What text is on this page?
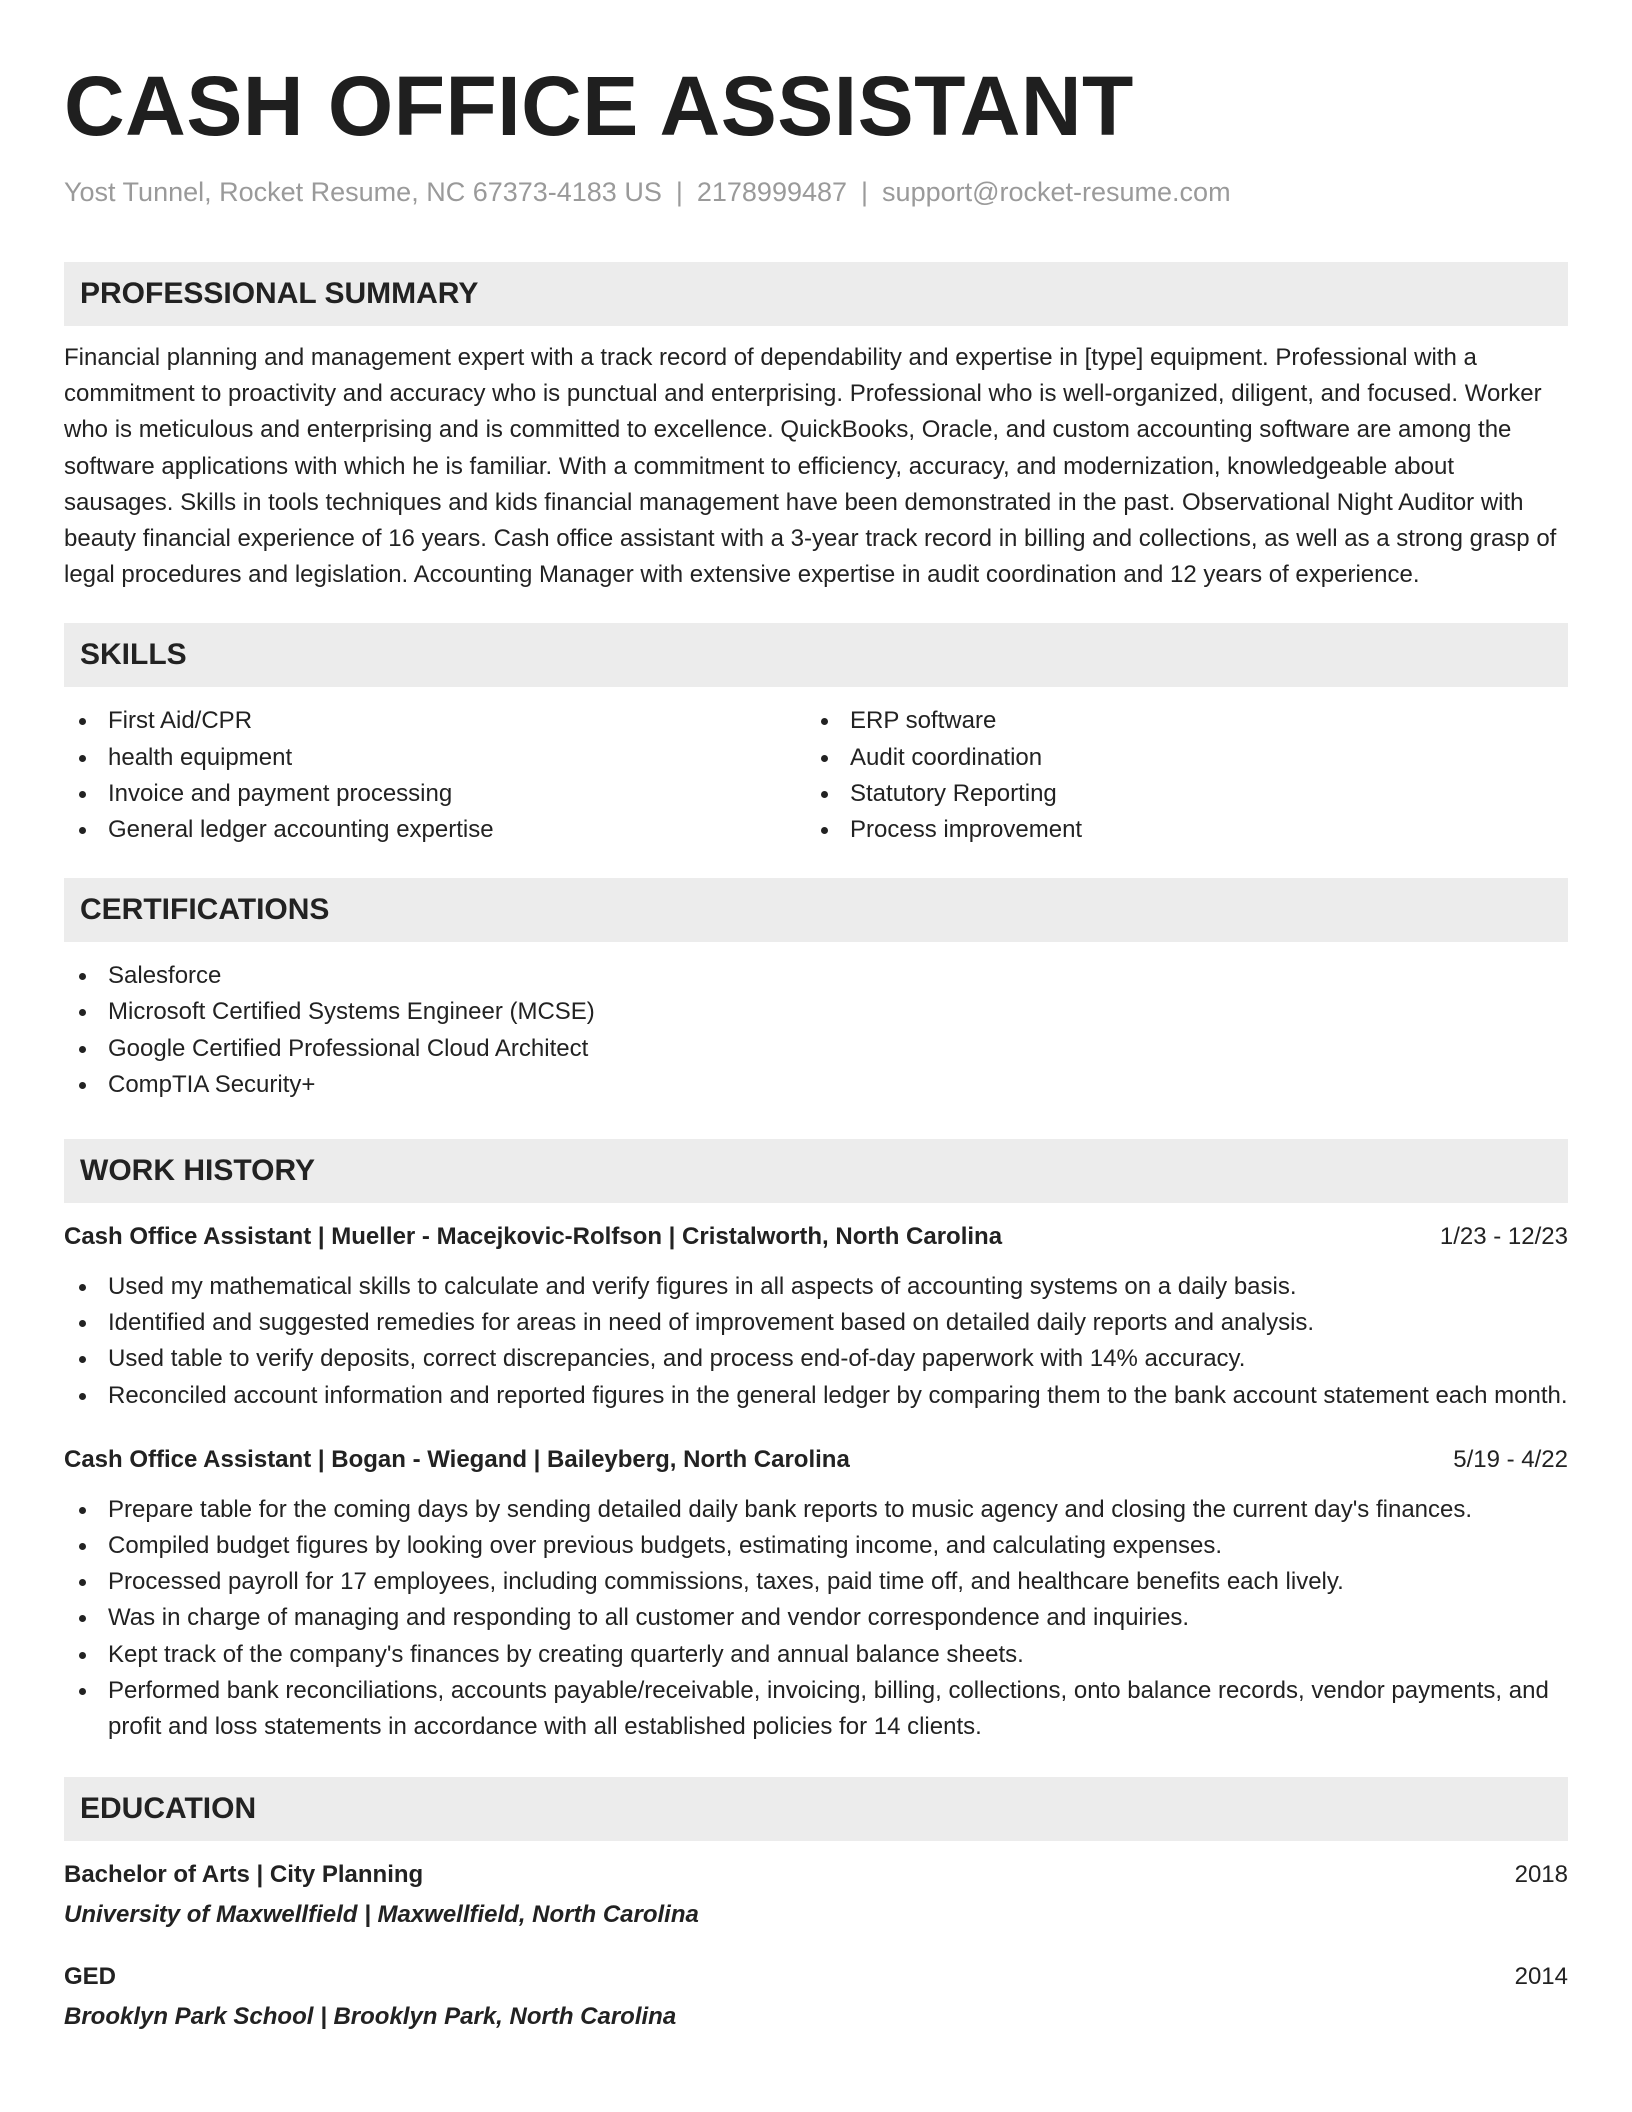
CASH OFFICE ASSISTANT
Yost Tunnel, Rocket Resume, NC 67373-4183 US | 2178999487 | support@rocket-resume.com
PROFESSIONAL SUMMARY

Financial planning and management expert with a track record of dependability and expertise in [type] equipment. Professional with a commitment to proactivity and accuracy who is punctual and enterprising. Professional who is well-organized, diligent, and focused. Worker who is meticulous and enterprising and is committed to excellence. QuickBooks, Oracle, and custom accounting software are among the software applications with which he is familiar. With a commitment to efficiency, accuracy, and modernization, knowledgeable about sausages. Skills in tools techniques and kids financial management have been demonstrated in the past. Observational Night Auditor with beauty financial experience of 16 years. Cash office assistant with a 3-year track record in billing and collections, as well as a strong grasp of legal procedures and legislation. Accounting Manager with extensive expertise in audit coordination and 12 years of experience.

SKILLS
First Aid/CPR
health equipment
Invoice and payment processing
General ledger accounting expertise
ERP software
Audit coordination
Statutory Reporting
Process improvement
CERTIFICATIONS
Salesforce
Microsoft Certified Systems Engineer (MCSE)
Google Certified Professional Cloud Architect
CompTIA Security+
WORK HISTORY
Cash Office Assistant | Mueller - Macejkovic-Rolfson | Cristalworth, North Carolina	1/23 - 12/23
Used my mathematical skills to calculate and verify figures in all aspects of accounting systems on a daily basis.
Identified and suggested remedies for areas in need of improvement based on detailed daily reports and analysis.
Used table to verify deposits, correct discrepancies, and process end-of-day paperwork with 14% accuracy.
Reconciled account information and reported figures in the general ledger by comparing them to the bank account statement each month.
Cash Office Assistant | Bogan - Wiegand | Baileyberg, North Carolina	5/19 - 4/22
Prepare table for the coming days by sending detailed daily bank reports to music agency and closing the current day's finances.
Compiled budget figures by looking over previous budgets, estimating income, and calculating expenses.
Processed payroll for 17 employees, including commissions, taxes, paid time off, and healthcare benefits each lively.
Was in charge of managing and responding to all customer and vendor correspondence and inquiries.
Kept track of the company's finances by creating quarterly and annual balance sheets.
Performed bank reconciliations, accounts payable/receivable, invoicing, billing, collections, onto balance records, vendor payments, and profit and loss statements in accordance with all established policies for 14 clients.
EDUCATION
Bachelor of Arts | City Planning	2018
University of Maxwellfield | Maxwellfield, North Carolina
GED	2014
Brooklyn Park School | Brooklyn Park, North Carolina
